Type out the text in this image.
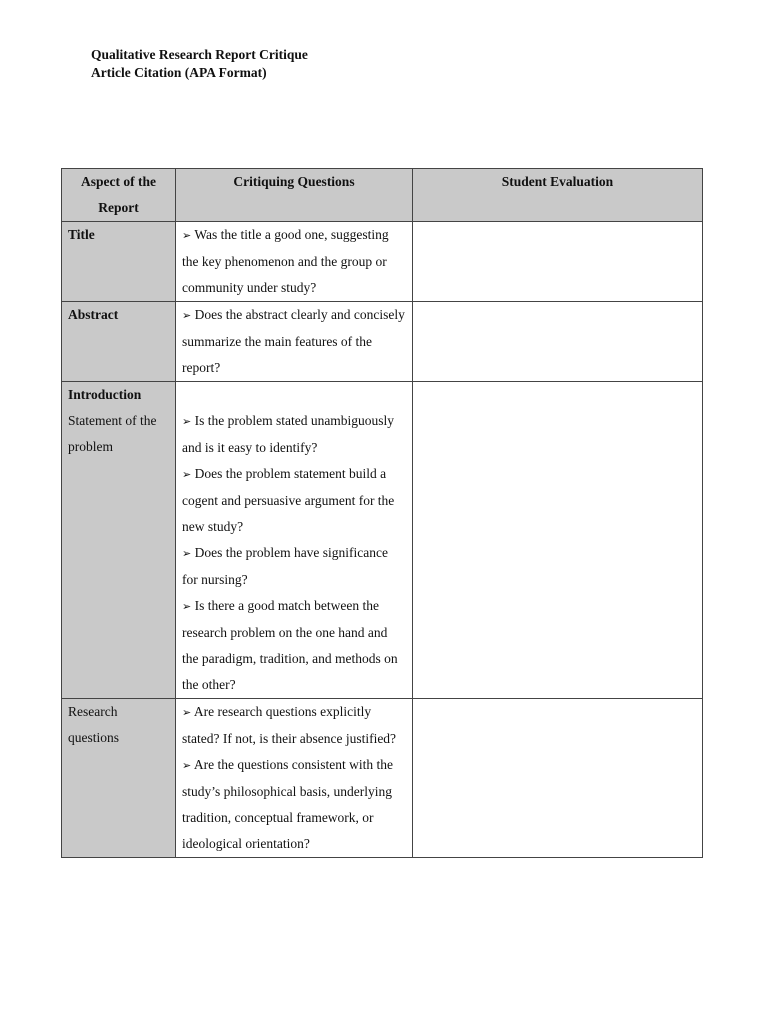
Qualitative Research Report Critique
Article Citation (APA Format)
Aspect of the Report	Critiquing Questions	Student Evaluation
Title	➢ Was the title a good one, suggesting the key phenomenon and the group or community under study?	

Abstract	➢ Does the abstract clearly and concisely summarize the main features of the report?	

Introduction
Statement of the problem	➢ Is the problem stated unambiguously and is it easy to identify?
➢ Does the problem statement build a cogent and persuasive argument for the new study?
➢ Does the problem have significance for nursing?
➢ Is there a good match between the research problem on the one hand and the paradigm, tradition, and methods on the other?	

Research questions	➢ Are research questions explicitly stated? If not, is their absence justified?
➢ Are the questions consistent with the study’s philosophical basis, underlying tradition, conceptual framework, or ideological orientation?	
